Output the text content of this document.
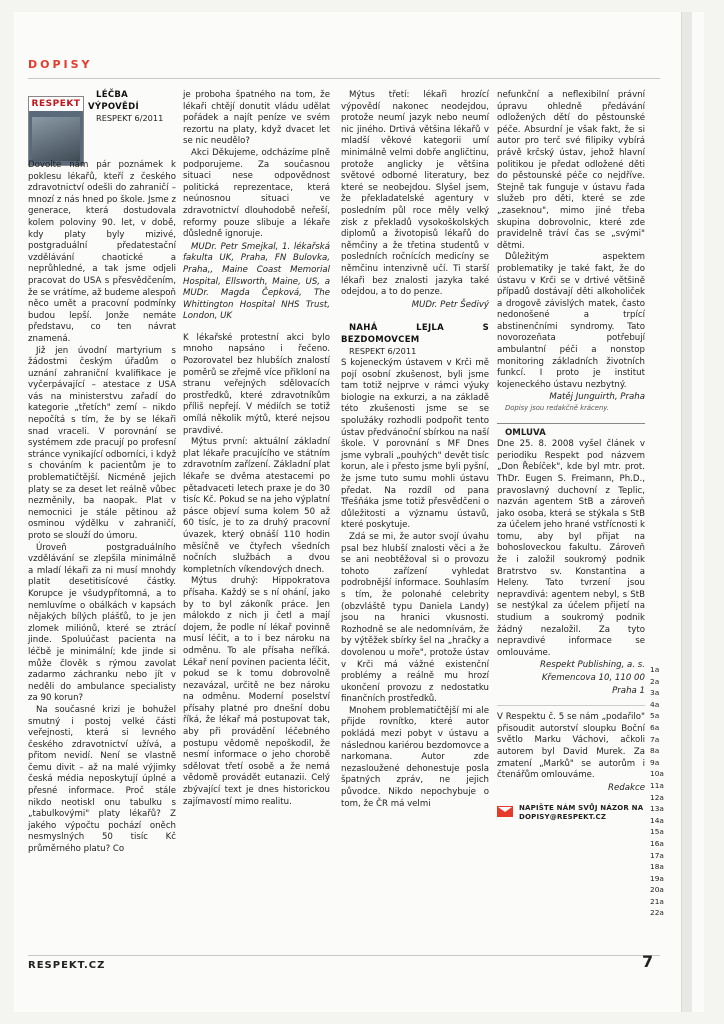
DOPISY
RESPEKT

LÉČBA VÝPOVĚDÍ

RESPEKT 6/2011

Dovolte nám pár poznámek k poklesu lékařů, kteří z českého zdravotnictví odešli do zahraničí – mnozí z nás hned po škole. Jsme z generace, která dostudovala kolem poloviny 90. let, v době, kdy platy byly mizivé, postgraduální předatestační vzdělávání chaotické a neprůhledné, a tak jsme odjeli pracovat do USA s přesvědčením, že se vrátíme, až budeme alespoň něco umět a pracovní podmínky budou lepší. Jonže nemáte představu, co ten návrat znamená.

Již jen úvodní martyrium s žádostmi českým úřadům o uznání zahraniční kvalifikace je vyčerpávající – atestace z USA vás na ministerstvu zařadí do kategorie „třetích" zemí – nikdo nepočítá s tím, že by se lékaři snad vraceli. V porovnání se systémem zde pracují po profesní stránce vynikající odborníci, i když s chováním k pacientům je to problematičtější. Nicméně jejich platy se za deset let reálně vůbec nezměnily, ba naopak. Plat v nemocnici je stále pětinou až osminou výdělku v zahraničí, proto se slouží do úmoru.

Úroveň postgraduálního vzdělávání se zlepšila minimálně a mladí lékaři za ni musí mnohdy platit desetitisícové částky. Korupce je všudypřítomná, a to nemluvíme o obálkách v kapsách nějakých bílých plášťů, to je jen zlomek miliónů, které se ztrácí jinde. Spoluúčast pacienta na léčbě je minimální; kde jinde si může člověk s rýmou zavolat zadarmo záchranku nebo jít v neděli do ambulance specialisty za 90 korun?

Na současné krizi je bohužel smutný i postoj velké části veřejnosti, která si levného českého zdravotnictví užívá, a přitom nevidí. Není se vlastně čemu divit – až na malé výjimky česká média neposkytují úplné a přesné informace. Proč stále nikdo neotiskl onu tabulku s „tabulkovými" platy lékařů? Z jakého výpočtu pochází oněch nesmyslných 50 tisíc Kč průměrného platu? Co

je proboha špatného na tom, že lékaři chtějí donutit vládu udělat pořádek a najít peníze ve svém rezortu na platy, když dvacet let se nic neudělo?

Akci Děkujeme, odcházíme plně podporujeme. Za současnou situaci nese odpovědnost politická reprezentace, která neúnosnou situaci ve zdravotnictví dlouhodobě neřeší, reformy pouze slibuje a lékaře důsledně ignoruje.

MUDr. Petr Smejkal, 1. lékařská fakulta UK, Praha, FN Bulovka, Praha,, Maine Coast Memorial Hospital, Ellsworth, Maine, US, a MUDr. Magda Čepková, The Whittington Hospital NHS Trust, London, UK

K lékařské protestní akci bylo mnoho napsáno i řečeno. Pozorovatel bez hlubších znalostí poměrů se zřejmě více přikloní na stranu veřejných sdělovacích prostředků, které zdravotníkům příliš nepřejí. V médiích se totiž omílá několik mýtů, které nejsou pravdivé.

Mýtus první: aktuální základní plat lékaře pracujícího ve státním zdravotním zařízení. Základní plat lékaře se dvěma atestacemi po pětadvaceti letech praxe je do 30 tisíc Kč. Pokud se na jeho výplatní pásce objeví suma kolem 50 až 60 tisíc, je to za druhý pracovní úvazek, který obnáší 110 hodin měsíčně ve čtyřech všedních nočních službách a dvou kompletních víkendových dnech.

Mýtus druhý: Hippokratova přísaha. Každý se s ní ohání, jako by to byl zákoník práce. Jen málokdo z nich ji četl a mají dojem, že podle ní lékař povinně musí léčit, a to i bez nároku na odměnu. To ale přísaha neříká. Lékař není povinen pacienta léčit, pokud se k tomu dobrovolně nezavázal, určitě ne bez nároku na odměnu. Moderní poselství přísahy platné pro dnešní dobu říká, že lékař má postupovat tak, aby při provádění léčebného postupu vědomě nepoškodil, že nesmí informace o jeho chorobě sdělovat třetí osobě a že nemá vědomě provádět eutanazii. Celý zbývající text je dnes historickou zajímavostí mimo realitu.

Mýtus třetí: lékaři hrozící výpovědí nakonec neodejdou, protože neumí jazyk nebo neumí nic jiného. Drtivá většina lékařů v mladší věkové kategorii umí minimálně velmi dobře angličtinu, protože anglicky je většina světové odborné literatury, bez které se neobejdou. Slyšel jsem, že překladatelské agentury v posledním půl roce měly velký zisk z překladů vysokoškolských diplomů a životopisů lékařů do němčiny a že třetina studentů v posledních ročnících medicíny se němčinu intenzivně učí. Ti starší lékaři bez znalosti jazyka také odejdou, a to do penze.

MUDr. Petr Šedivý

NAHÁ LEJLA S BEZDOMOVCEM

RESPEKT 6/2011

S kojeneckým ústavem v Krči mě pojí osobní zkušenost, byli jsme tam totiž nejprve v rámci výuky biologie na exkurzi, a na základě této zkušenosti jsme se se spolužáky rozhodli podpořit tento ústav předvánoční sbírkou na naší škole. V porovnání s MF Dnes jsme vybrali „pouhých" devět tisíc korun, ale i přesto jsme byli pyšní, že jsme tuto sumu mohli ústavu předat. Na rozdíl od pana Třešňáka jsme totiž přesvědčeni o důležitosti a významu ústavů, které poskytuje.

Zdá se mi, že autor svojí úvahu psal bez hlubší znalosti věci a že se ani neobtěžoval si o provozu tohoto zařízení vyhledat podrobnější informace. Souhlasím s tím, že polonahé celebrity (obzvláště typu Daniela Landy) jsou na hranici vkusnosti. Rozhodně se ale nedomnívám, že by výtěžek sbírky šel na „hračky a dovolenou u moře", protože ústav v Krči má vážné existenční problémy a reálně mu hrozí ukončení provozu z nedostatku finančních prostředků.

Mnohem problematičtější mi ale přijde rovnítko, které autor pokládá mezi pobyt v ústavu a následnou kariérou bezdomovce a narkomana. Autor zde nezasloužené dehonestuje posla špatných zpráv, ne jejich původce. Nikdo nepochybuje o tom, že ČR má velmi

nefunkční a neflexibilní právní úpravu ohledně předávání odložených dětí do pěstounské péče. Absurdní je však fakt, že si autor pro terč své filipiky vybírá právě krčský ústav, jehož hlavní politikou je předat odložené děti do pěstounské péče co nejdříve. Stejně tak funguje v ústavu řada služeb pro děti, které se zde „zaseknou", mimo jiné třeba skupina dobrovolnic, které zde pravidelně tráví čas se „svými" dětmi.

Důležitým aspektem problematiky je také fakt, že do ústavu v Krči se v drtivé většině případů dostávají děti alkoholiček a drogově závislých matek, často nedonošené a trpící abstinenčními syndromy. Tato novorozeňata potřebují ambulantní péči a nonstop monitoring základních životních funkcí. I proto je institut kojeneckého ústavu nezbytný.

Matěj Junguirth, Praha

Dopisy jsou redakčně kráceny.

OMLUVA

Dne 25. 8. 2008 vyšel článek v periodiku Respekt pod názvem „Don Řebíček", kde byl mtr. prot. ThDr. Eugen S. Freimann, Ph.D., pravoslavný duchovní z Teplic, nazván agentem StB a zároveň jako osoba, která se stýkala s StB za účelem jeho hrané vstřícnosti k tomu, aby byl přijat na bohosloveckou fakultu. Zároveň že i založil soukromý podnik Bratrstvo sv. Konstantina a Heleny. Tato tvrzení jsou nepravdivá: agentem nebyl, s StB se nestýkal za účelem přijetí na studium a soukromý podnik žádný nezaložil. Za tyto nepravdivé informace se omlouváme.

Respekt Publishing, a. s.

Křemencova 10, 110 00

Praha 1

V Respektu č. 5 se nám „podařilo" přisoudit autorství sloupku Boční světlo Marku Váchovi, ačkoli autorem byl David Murek. Za zmatení „Marků" se autorům i čtenářům omlouváme.

Redakce

NAPIŠTE NÁM SVŮJ NÁZOR NA
DOPISY@RESPEKT.CZ
1a
2a
3a
4a
5a
6a
7a
8a
9a
10a
11a
12a
13a
14a
15a
16a
17a
18a
19a
20a
21a
22a
RESPEKT.CZ	7
